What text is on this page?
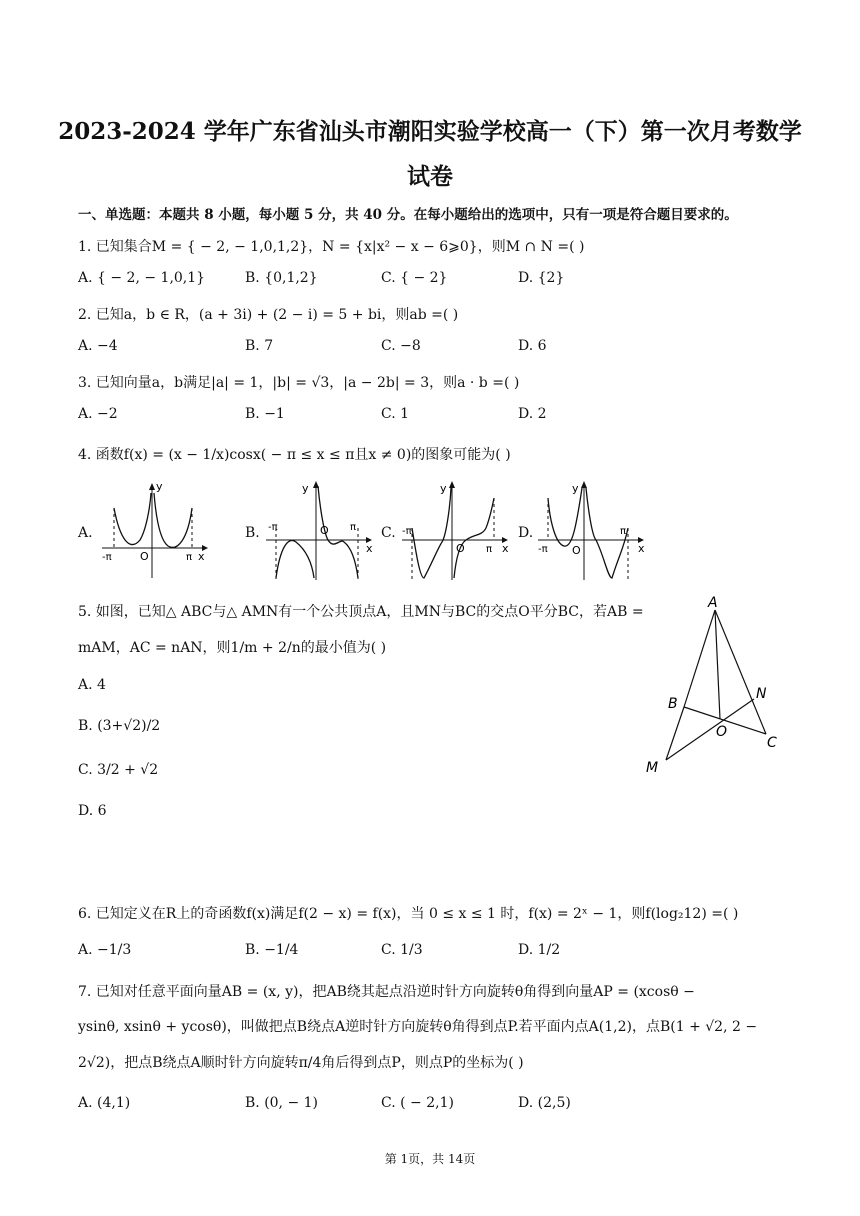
2023-2024 学年广东省汕头市潮阳实验学校高一（下）第一次月考数学
试卷
一、单选题：本题共 8 小题，每小题 5 分，共 40 分。在每小题给出的选项中，只有一项是符合题目要求的。
1. 已知集合M = { − 2, − 1,0,1,2}，N = {x|x² − x − 6⩾0}，则M ∩ N =( )
A. { − 2, − 1,0,1}	B. {0,1,2}	C. { − 2}	D. {2}
2. 已知a，b ∈ R，(a + 3i) + (2 − i) = 5 + bi，则ab =( )
A. −4	B. 7	C. −8	D. 6
3. 已知向量a，b满足|a| = 1，|b| = √3，|a − 2b| = 3，则a · b =( )
A. −2	B. −1	C. 1	D. 2
4. 函数f(x) = (x − 1/x)cosx( − π ≤ x ≤ π且x ≠ 0)的图象可能为( )
A.	B.	C.	D.
y
x
O
-π	π
y
x
O
-π	π
y
x
O
-π
π
y
x
O
-π
π
5. 如图，已知△ ABC与△ AMN有一个公共顶点A，且MN与BC的交点O平分BC，若AB =
mAM，AC = nAN，则1/m + 2/n的最小值为( )
A. 4
B. (3+√2)/2
C. 3/2 + √2
D. 6
A
B
N
O
C
M
6. 已知定义在R上的奇函数f(x)满足f(2 − x) = f(x)，当 0 ≤ x ≤ 1 时，f(x) = 2ˣ − 1，则f(log₂12) =( )
A. −1/3	B. −1/4	C. 1/3	D. 1/2
7. 已知对任意平面向量AB = (x, y)，把AB绕其起点沿逆时针方向旋转θ角得到向量AP = (xcosθ −
ysinθ, xsinθ + ycosθ)，叫做把点B绕点A逆时针方向旋转θ角得到点P.若平面内点A(1,2)，点B(1 + √2, 2 −
2√2)，把点B绕点A顺时针方向旋转π/4角后得到点P，则点P的坐标为( )
A. (4,1)	B. (0, − 1)	C. ( − 2,1)	D. (2,5)
第 1页，共 14页
